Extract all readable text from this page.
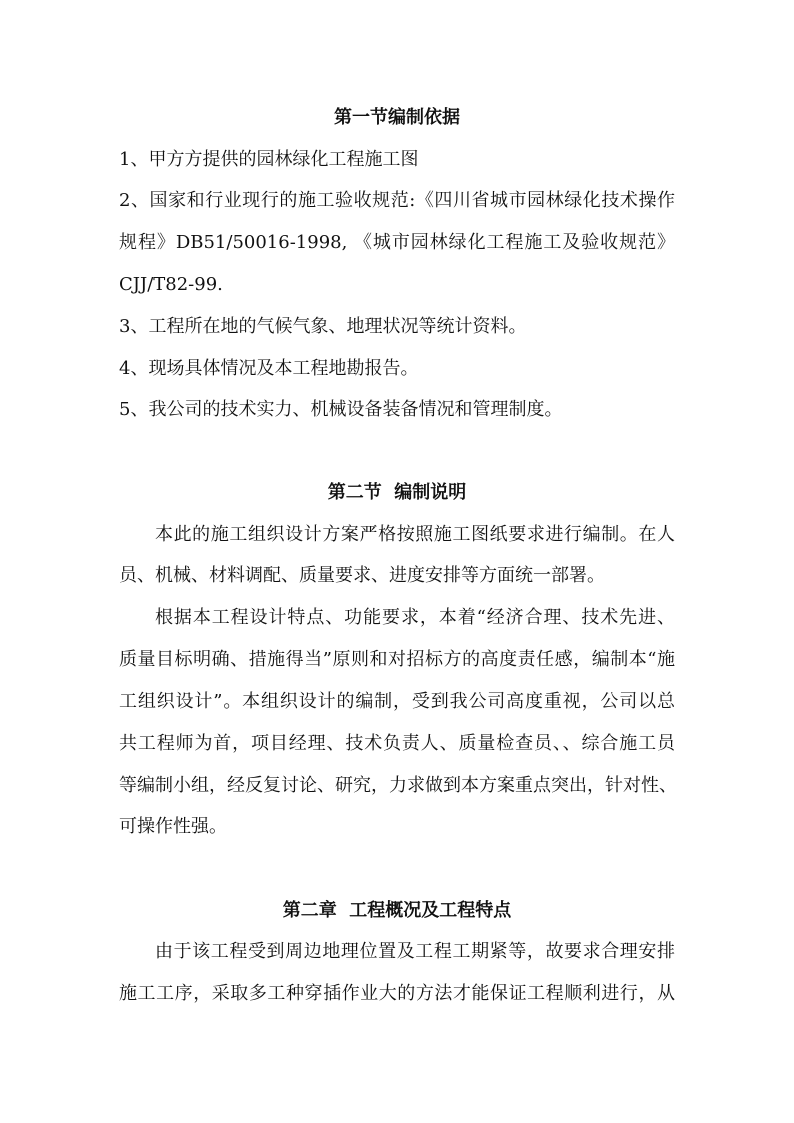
第一节编制依据
1、甲方方提供的园林绿化工程施工图
2、国家和行业现行的施工验收规范:《四川省城市园林绿化技术操作
规程》DB51/50016-1998, 《城市园林绿化工程施工及验收规范》
CJJ/T82-99.
3、工程所在地的气候气象、地理状况等统计资料。
4、现场具体情况及本工程地勘报告。
5、我公司的技术实力、机械设备装备情况和管理制度。
第二节  编制说明
本此的施工组织设计方案严格按照施工图纸要求进行编制。在人
员、机械、材料调配、质量要求、进度安排等方面统一部署。
根据本工程设计特点、功能要求，本着“经济合理、技术先进、
质量目标明确、措施得当”原则和对招标方的高度责任感，编制本“施
工组织设计”。本组织设计的编制，受到我公司高度重视，公司以总
共工程师为首，项目经理、技术负责人、质量检查员、、综合施工员
等编制小组，经反复讨论、研究，力求做到本方案重点突出，针对性、
可操作性强。
第二章  工程概况及工程特点
由于该工程受到周边地理位置及工程工期紧等，故要求合理安排
施工工序，采取多工种穿插作业大的方法才能保证工程顺利进行，从
